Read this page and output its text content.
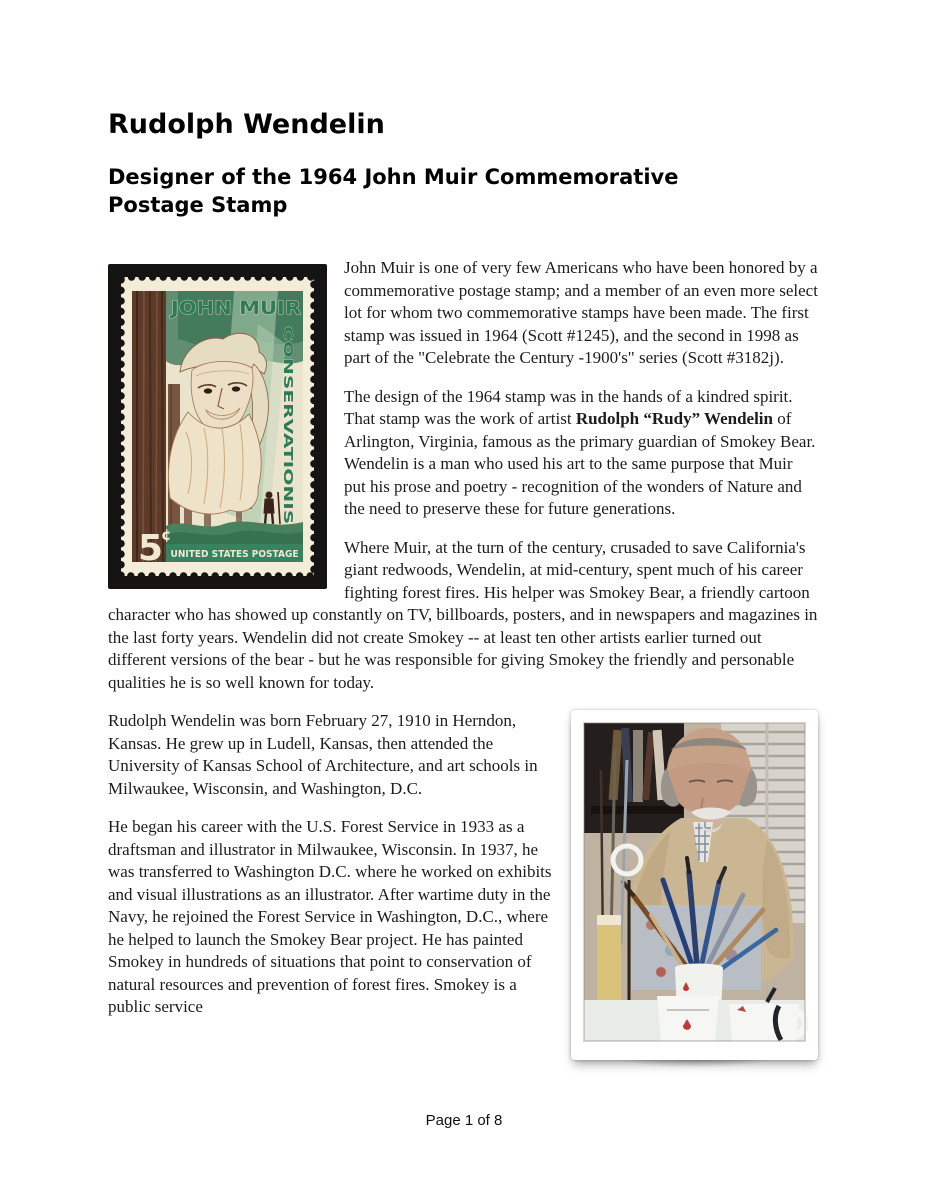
Rudolph Wendelin
Designer of the 1964 John Muir Commemorative Postage Stamp
JOHN MUIR
CONSERVATIONIST
UNITED STATES POSTAGE
5
¢

John Muir is one of very few Americans who have been honored by a commemorative postage stamp; and a member of an even more select lot for whom two commemorative stamps have been made. The first stamp was issued in 1964 (Scott #1245), and the second in 1998 as part of the "Celebrate the Century -1900's" series (Scott #3182j).

The design of the 1964 stamp was in the hands of a kindred spirit. That stamp was the work of artist Rudolph “Rudy” Wendelin of Arlington, Virginia, famous as the primary guardian of Smokey Bear. Wendelin is a man who used his art to the same purpose that Muir put his prose and poetry - recognition of the wonders of Nature and the need to preserve these for future generations.

Where Muir, at the turn of the century, crusaded to save California's giant redwoods, Wendelin, at mid-century, spent much of his career fighting forest fires. His helper was Smokey Bear, a friendly cartoon character who has showed up constantly on TV, billboards, posters, and in newspapers and magazines in the last forty years. Wendelin did not create Smokey -- at least ten other artists earlier turned out different versions of the bear - but he was responsible for giving Smokey the friendly and personable qualities he is so well known for today.

Rudolph Wendelin was born February 27, 1910 in Herndon, Kansas. He grew up in Ludell, Kansas, then attended the University of Kansas School of Architecture, and art schools in Milwaukee, Wisconsin, and Washington, D.C.

He began his career with the U.S. Forest Service in 1933 as a draftsman and illustrator in Milwaukee, Wisconsin. In 1937, he was transferred to Washington D.C. where he worked on exhibits and visual illustrations as an illustrator. After wartime duty in the Navy, he rejoined the Forest Service in Washington, D.C., where he helped to launch the Smokey Bear project. He has painted Smokey in hundreds of situations that point to conservation of natural resources and prevention of forest fires. Smokey is a public service

Page 1 of 8
